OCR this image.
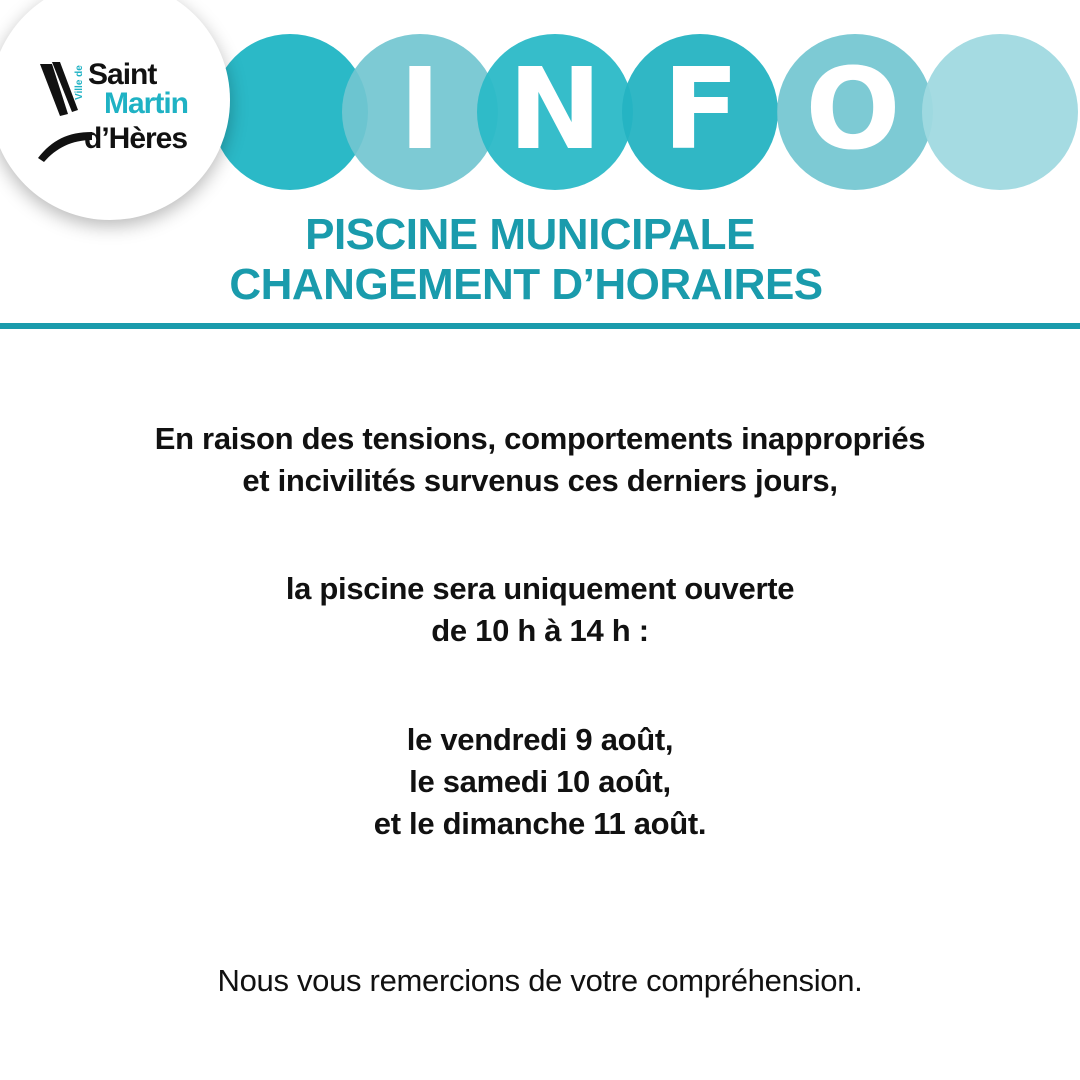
I N F O
Ville de Saint
Martin
d’Hères
PISCINE MUNICIPALE
CHANGEMENT D’HORAIRES
En raison des tensions, comportements inappropriés
et incivilités survenus ces derniers jours,
la piscine sera uniquement ouverte
de 10 h à 14 h :
le vendredi 9 août,
le samedi 10 août,
et le dimanche 11 août.
Nous vous remercions de votre compréhension.
